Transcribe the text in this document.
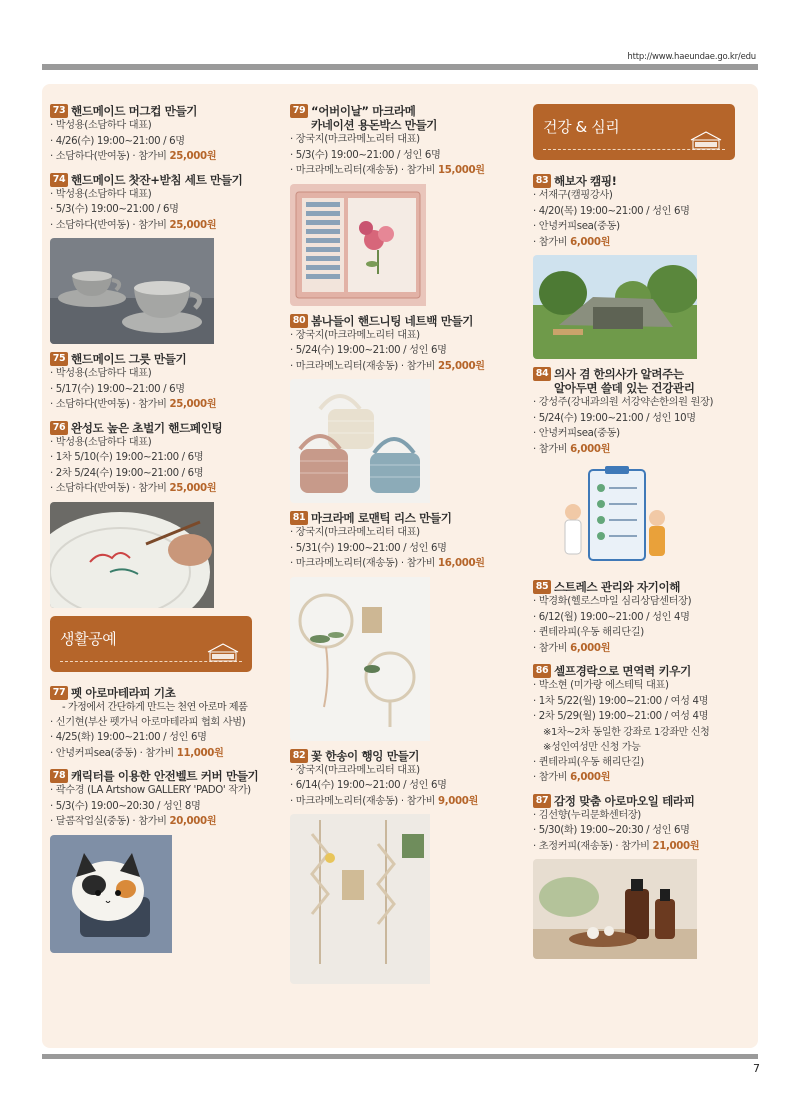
http://www.haeundae.go.kr/edu
7
73 핸드메이드 머그컵 만들기
· 박성용(소담하다 대표)
· 4/26(수) 19:00~21:00 / 6명
· 소담하다(반여동) · 참가비 25,000원
74 핸드메이드 찻잔+받침 세트 만들기
· 박성용(소담하다 대표)
· 5/3(수) 19:00~21:00 / 6명
· 소담하다(반여동) · 참가비 25,000원
75 핸드메이드 그릇 만들기
· 박성용(소담하다 대표)
· 5/17(수) 19:00~21:00 / 6명
· 소담하다(반여동) · 참가비 25,000원
76 완성도 높은 초벌기 핸드페인팅
· 박성용(소담하다 대표)
· 1차 5/10(수) 19:00~21:00 / 6명
· 2차 5/24(수) 19:00~21:00 / 6명
· 소담하다(반여동) · 참가비 25,000원
생활공예
77 펫 아로마테라피 기초
- 가정에서 간단하게 만드는 천연 아로마 제품
· 신기현(부산 펫가닉 아로마테라피 협회 사범)
· 4/25(화) 19:00~21:00 / 성인 6명
· 안녕커피sea(중동) · 참가비 11,000원
78 캐릭터를 이용한 안전벨트 커버 만들기
· 곽수경 (LA Artshow GALLERY 'PADO' 작가)
· 5/3(수) 19:00~20:30 / 성인 8명
· 달콤작업실(중동) · 참가비 20,000원
79 “어버이날” 마크라메
카네이션 용돈박스 만들기
· 장국지(마크라메노리터 대표)
· 5/3(수) 19:00~21:00 / 성인 6명
· 마크라메노리터(재송동) · 참가비 15,000원
80 봄나들이 핸드니팅 네트백 만들기
· 장국지(마크라메노리터 대표)
· 5/24(수) 19:00~21:00 / 성인 6명
· 마크라메노리터(재송동) · 참가비 25,000원
81 마크라메 로맨틱 리스 만들기
· 장국지(마크라메노리터 대표)
· 5/31(수) 19:00~21:00 / 성인 6명
· 마크라메노리터(재송동) · 참가비 16,000원
82 꽃 한송이 행잉 만들기
· 장국지(마크라메노리터 대표)
· 6/14(수) 19:00~21:00 / 성인 6명
· 마크라메노리터(재송동) · 참가비 9,000원
건강 & 심리
83 해보자 캠핑!
· 서재구(캠핑강사)
· 4/20(목) 19:00~21:00 / 성인 6명
· 안녕커피sea(중동)
· 참가비 6,000원
84 의사 겸 한의사가 알려주는
알아두면 쓸데 있는 건강관리
· 강성주(강내과의원 서강약손한의원 원장)
· 5/24(수) 19:00~21:00 / 성인 10명
· 안녕커피sea(중동)
· 참가비 6,000원
85 스트레스 관리와 자기이해
· 박경화(헬로스마일 심리상담센터장)
· 6/12(월) 19:00~21:00 / 성인 4명
· 퀸테라피(우동 해리단길)
· 참가비 6,000원
86 셀프경락으로 면역력 키우기
· 박소현 (미가랑 에스테틱 대표)
· 1차 5/22(월) 19:00~21:00 / 여성 4명
· 2차 5/29(월) 19:00~21:00 / 여성 4명
※1차~2차 동일한 강좌로 1강좌만 신청
※성인여성만 신청 가능
· 퀸테라피(우동 해리단길)
· 참가비 6,000원
87 감정 맞춤 아로마오일 테라피
· 김선향(누리문화센터장)
· 5/30(화) 19:00~20:30 / 성인 6명
· 초정커피(재송동) · 참가비 21,000원
